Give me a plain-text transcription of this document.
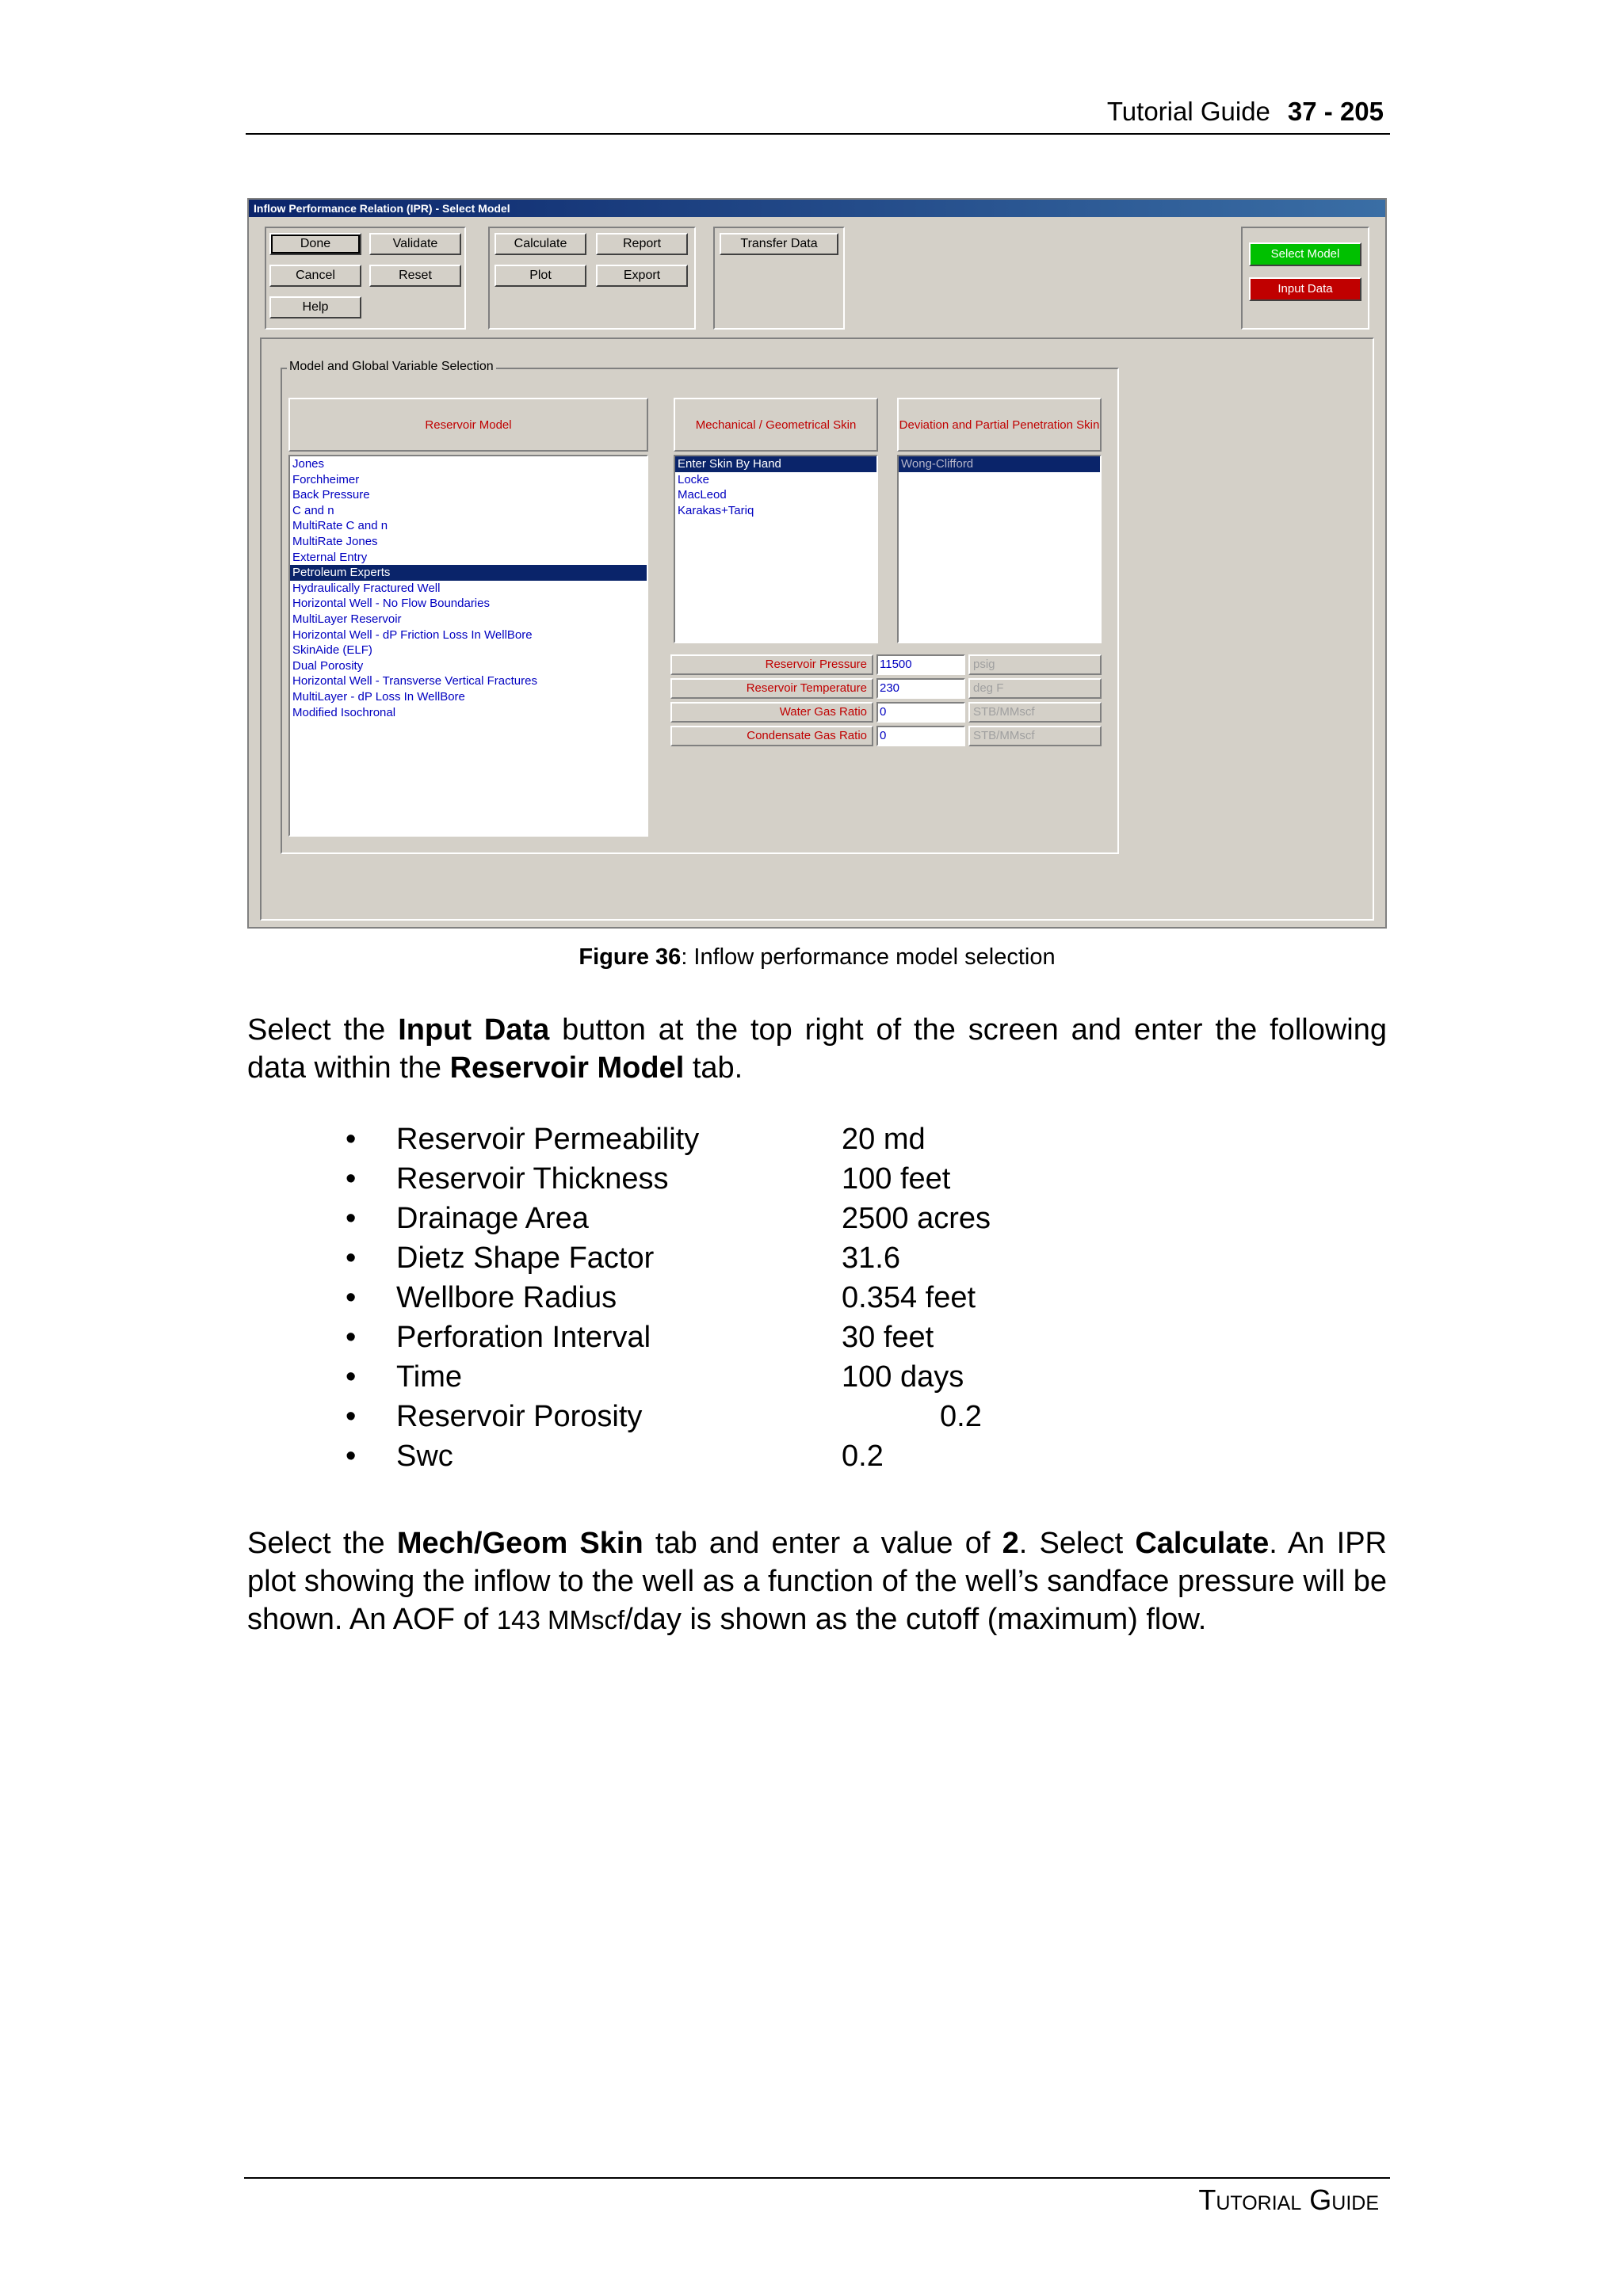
Tutorial Guide 37 - 205
Inflow Performance Relation (IPR) - Select Model
Done	Validate
Cancel	Reset
Help
Calculate	Report
Plot	Export
Transfer Data
Select Model
Input Data
Model and Global Variable Selection
Reservoir Model
Jones
Forchheimer
Back Pressure
C and n
MultiRate C and n
MultiRate Jones
External Entry
Petroleum Experts
Hydraulically Fractured Well
Horizontal Well - No Flow Boundaries
MultiLayer Reservoir
Horizontal Well - dP Friction Loss In WellBore
SkinAide (ELF)
Dual Porosity
Horizontal Well - Transverse Vertical Fractures
MultiLayer - dP Loss In WellBore
Modified Isochronal
Mechanical / Geometrical Skin
Enter Skin By Hand
Locke
MacLeod
Karakas+Tariq
Deviation and Partial Penetration Skin
Wong-Clifford
Reservoir Pressure	11500	psig
Reservoir Temperature	230	deg F
Water Gas Ratio	0	STB/MMscf
Condensate Gas Ratio	0	STB/MMscf
Figure 36: Inflow performance model selection
Select the Input Data button at the top right of the screen and enter the following data within the Reservoir Model tab.
• Reservoir Permeability	20 md
• Reservoir Thickness	100 feet
• Drainage Area	2500 acres
• Dietz Shape Factor	31.6
• Wellbore Radius	0.354 feet
• Perforation Interval	30 feet
• Time	100 days
• Reservoir Porosity	0.2
• Swc	0.2
Select the Mech/Geom Skin tab and enter a value of 2. Select Calculate. An IPR plot showing the inflow to the well as a function of the well’s sandface pressure will be shown. An AOF of 143 MMscf/day is shown as the cutoff (maximum) flow.
Tutorial Guide
